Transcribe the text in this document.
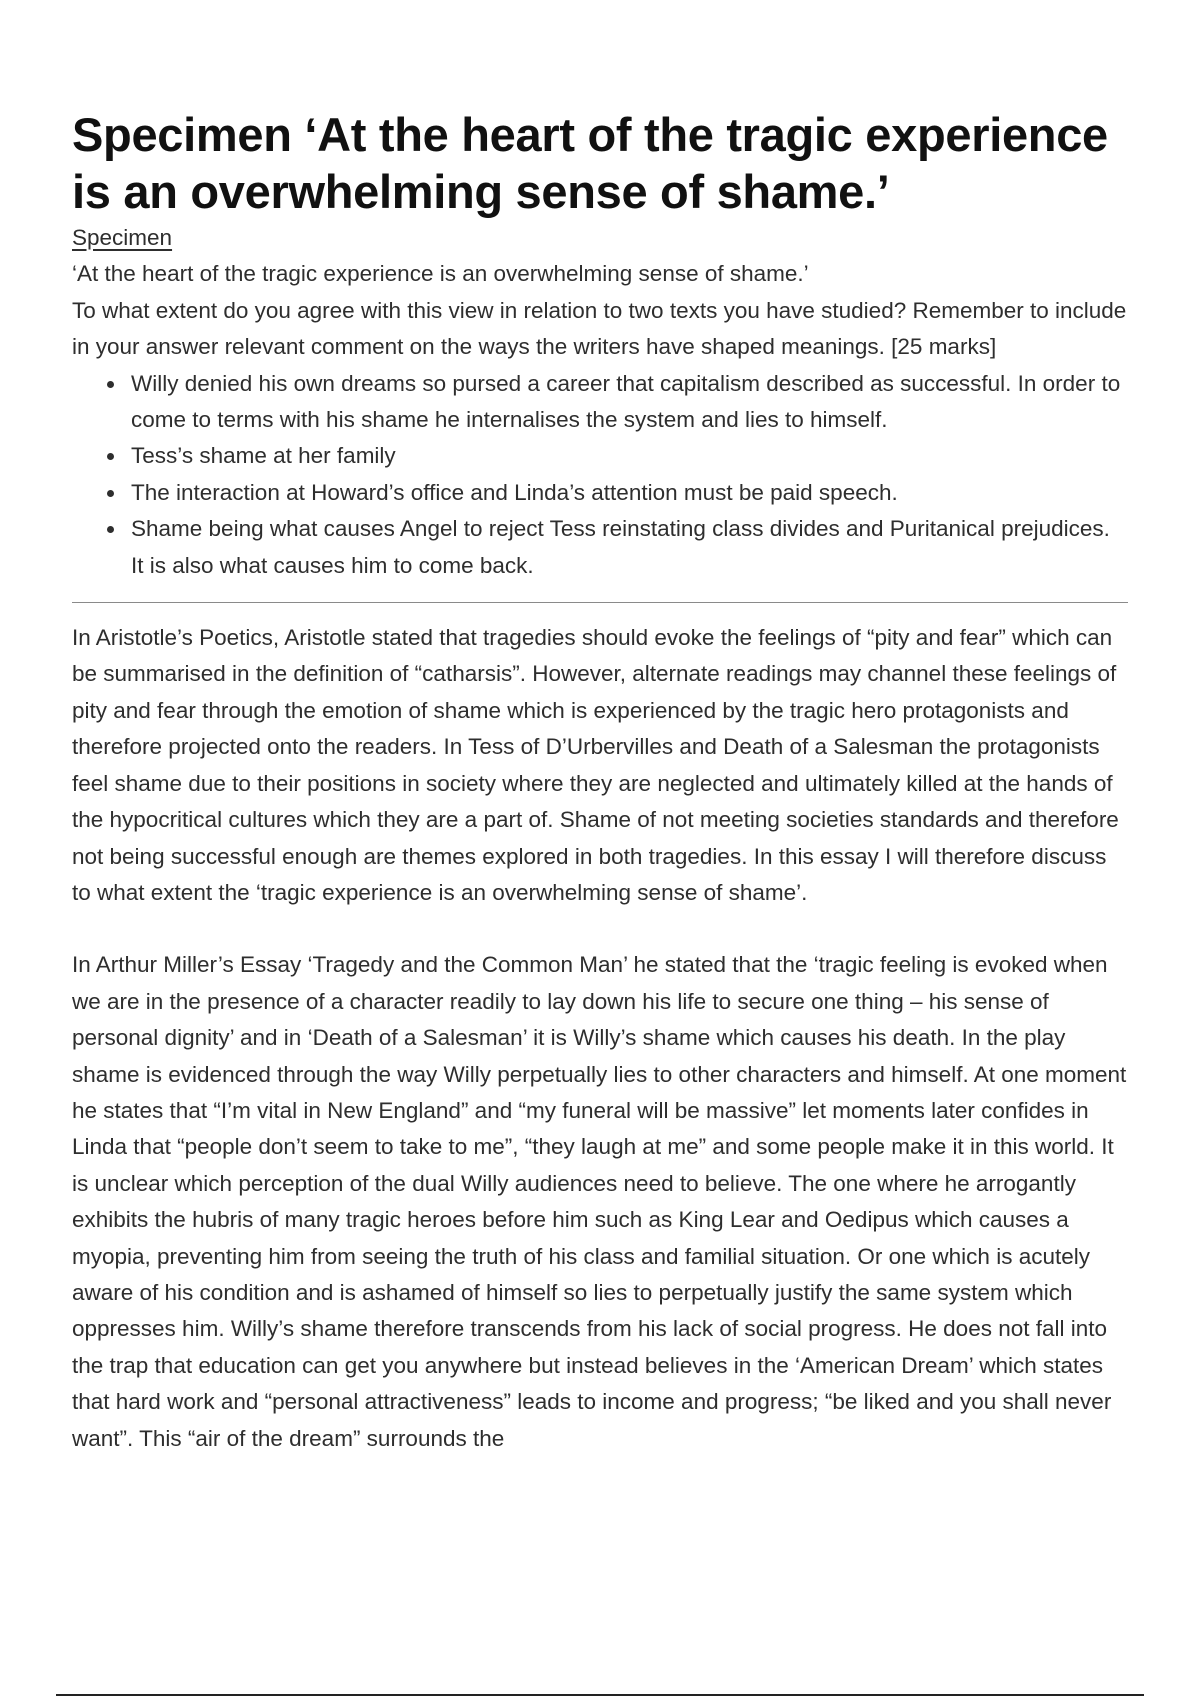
Specimen ‘At the heart of the tragic experience is an overwhelming sense of shame.’

Specimen

‘At the heart of the tragic experience is an overwhelming sense of shame.’

To what extent do you agree with this view in relation to two texts you have studied? Remember to include in your answer relevant comment on the ways the writers have shaped meanings. [25 marks]

Willy denied his own dreams so pursed a career that capitalism described as successful. In order to come to terms with his shame he internalises the system and lies to himself.
Tess’s shame at her family
The interaction at Howard’s office and Linda’s attention must be paid speech.
Shame being what causes Angel to reject Tess reinstating class divides and Puritanical prejudices. It is also what causes him to come back.

In Aristotle’s Poetics, Aristotle stated that tragedies should evoke the feelings of “pity and fear” which can be summarised in the definition of “catharsis”. However, alternate readings may channel these feelings of pity and fear through the emotion of shame which is experienced by the tragic hero protagonists and therefore projected onto the readers. In Tess of D’Urbervilles and Death of a Salesman the protagonists feel shame due to their positions in society where they are neglected and ultimately killed at the hands of the hypocritical cultures which they are a part of. Shame of not meeting societies standards and therefore not being successful enough are themes explored in both tragedies. In this essay I will therefore discuss to what extent the ‘tragic experience is an overwhelming sense of shame’.

In Arthur Miller’s Essay ‘Tragedy and the Common Man’ he stated that the ‘tragic feeling is evoked when we are in the presence of a character readily to lay down his life to secure one thing – his sense of personal dignity’ and in ‘Death of a Salesman’ it is Willy’s shame which causes his death. In the play shame is evidenced through the way Willy perpetually lies to other characters and himself. At one moment he states that “I’m vital in New England” and “my funeral will be massive” let moments later confides in Linda that “people don’t seem to take to me”, “they laugh at me” and some people make it in this world. It is unclear which perception of the dual Willy audiences need to believe. The one where he arrogantly exhibits the hubris of many tragic heroes before him such as King Lear and Oedipus which causes a myopia, preventing him from seeing the truth of his class and familial situation. Or one which is acutely aware of his condition and is ashamed of himself so lies to perpetually justify the same system which oppresses him. Willy’s shame therefore transcends from his lack of social progress. He does not fall into the trap that education can get you anywhere but instead believes in the ‘American Dream’ which states that hard work and “personal attractiveness” leads to income and progress; “be liked and you shall never want”. This “air of the dream” surrounds the
